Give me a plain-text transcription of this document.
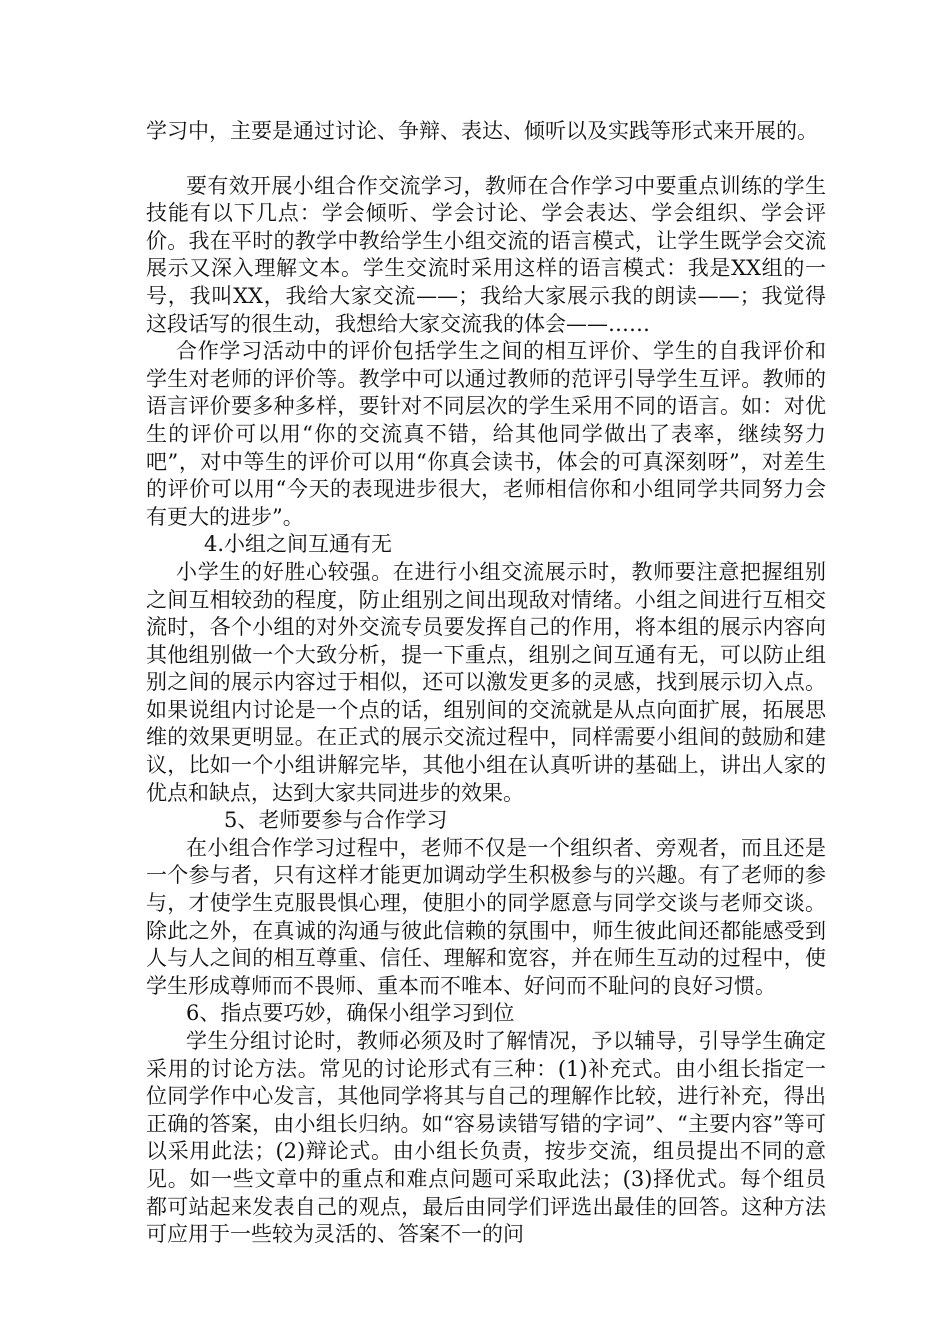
学习中，主要是通过讨论、争辩、表达、倾听以及实践等形式来开展的。

要有效开展小组合作交流学习，教师在合作学习中要重点训练的学生技能有以下几点：学会倾听、学会讨论、学会表达、学会组织、学会评价。我在平时的教学中教给学生小组交流的语言模式，让学生既学会交流展示又深入理解文本。学生交流时采用这样的语言模式：我是XX组的一号，我叫XX，我给大家交流——；我给大家展示我的朗读——；我觉得这段话写的很生动，我想给大家交流我的体会——……

合作学习活动中的评价包括学生之间的相互评价、学生的自我评价和学生对老师的评价等。教学中可以通过教师的范评引导学生互评。教师的语言评价要多种多样，要针对不同层次的学生采用不同的语言。如：对优生的评价可以用“你的交流真不错，给其他同学做出了表率，继续努力吧”，对中等生的评价可以用“你真会读书，体会的可真深刻呀”，对差生的评价可以用“今天的表现进步很大，老师相信你和小组同学共同努力会有更大的进步”。

4.小组之间互通有无

小学生的好胜心较强。在进行小组交流展示时，教师要注意把握组别之间互相较劲的程度，防止组别之间出现敌对情绪。小组之间进行互相交流时，各个小组的对外交流专员要发挥自己的作用，将本组的展示内容向其他组别做一个大致分析，提一下重点，组别之间互通有无，可以防止组别之间的展示内容过于相似，还可以激发更多的灵感，找到展示切入点。如果说组内讨论是一个点的话，组别间的交流就是从点向面扩展，拓展思维的效果更明显。在正式的展示交流过程中，同样需要小组间的鼓励和建议，比如一个小组讲解完毕，其他小组在认真听讲的基础上，讲出人家的优点和缺点，达到大家共同进步的效果。

5、老师要参与合作学习

在小组合作学习过程中，老师不仅是一个组织者、旁观者，而且还是一个参与者，只有这样才能更加调动学生积极参与的兴趣。有了老师的参与，才使学生克服畏惧心理，使胆小的同学愿意与同学交谈与老师交谈。除此之外，在真诚的沟通与彼此信赖的氛围中，师生彼此间还都能感受到人与人之间的相互尊重、信任、理解和宽容，并在师生互动的过程中，使学生形成尊师而不畏师、重本而不唯本、好问而不耻问的良好习惯。

6、指点要巧妙，确保小组学习到位

学生分组讨论时，教师必须及时了解情况，予以辅导，引导学生确定采用的讨论方法。常见的讨论形式有三种：(1)补充式。由小组长指定一位同学作中心发言，其他同学将其与自己的理解作比较，进行补充，得出正确的答案，由小组长归纳。如“容易读错写错的字词”、“主要内容”等可以采用此法；(2)辩论式。由小组长负责，按步交流，组员提出不同的意见。如一些文章中的重点和难点问题可采取此法；(3)择优式。每个组员都可站起来发表自己的观点，最后由同学们评选出最佳的回答。这种方法可应用于一些较为灵活的、答案不一的问
